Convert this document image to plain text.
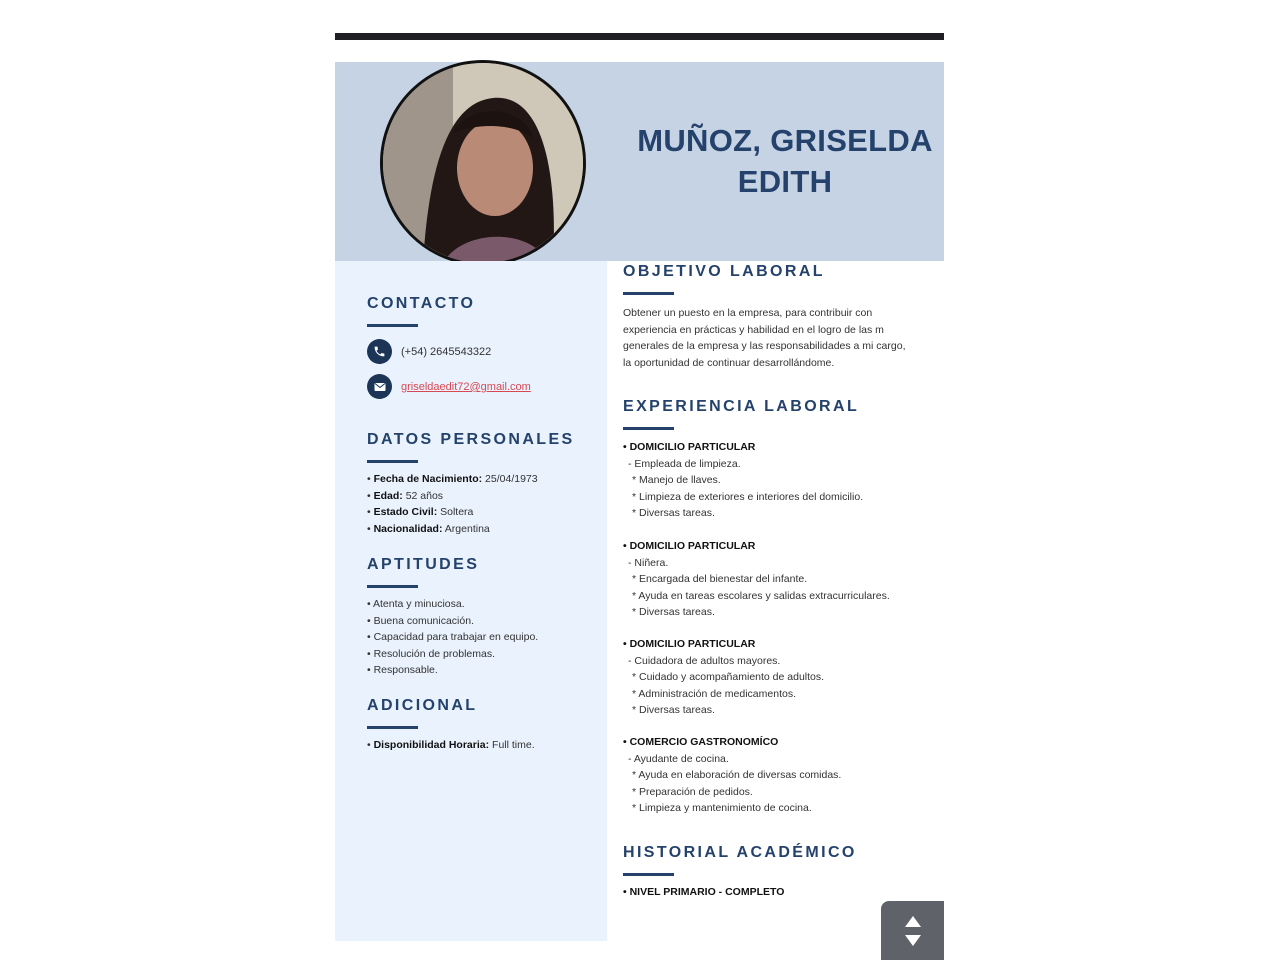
MUÑOZ, GRISELDA
EDITH
CONTACTO
(+54) 2645543322
griseldaedit72@gmail.com
DATOS PERSONALES
• Fecha de Nacimiento: 25/04/1973
• Edad: 52 años
• Estado Civil: Soltera
• Nacionalidad: Argentina
APTITUDES
• Atenta y minuciosa.
• Buena comunicación.
• Capacidad para trabajar en equipo.
• Resolución de problemas.
• Responsable.
ADICIONAL
• Disponibilidad Horaria: Full time.
OBJETIVO LABORAL
Obtener un puesto en la empresa, para contribuir con
experiencia en prácticas y habilidad en el logro de las m
generales de la empresa y las responsabilidades a mi cargo,
la oportunidad de continuar desarrollándome.
EXPERIENCIA LABORAL
• DOMICILIO PARTICULAR
- Empleada de limpieza.
* Manejo de llaves.
* Limpieza de exteriores e interiores del domicilio.
* Diversas tareas.
• DOMICILIO PARTICULAR
- Niñera.
* Encargada del bienestar del infante.
* Ayuda en tareas escolares y salidas extracurriculares.
* Diversas tareas.
• DOMICILIO PARTICULAR
- Cuidadora de adultos mayores.
* Cuidado y acompañamiento de adultos.
* Administración de medicamentos.
* Diversas tareas.
• COMERCIO GASTRONOMÍCO
- Ayudante de cocina.
* Ayuda en elaboración de diversas comidas.
* Preparación de pedidos.
* Limpieza y mantenimiento de cocina.
HISTORIAL ACADÉMICO
• NIVEL PRIMARIO - COMPLETO
